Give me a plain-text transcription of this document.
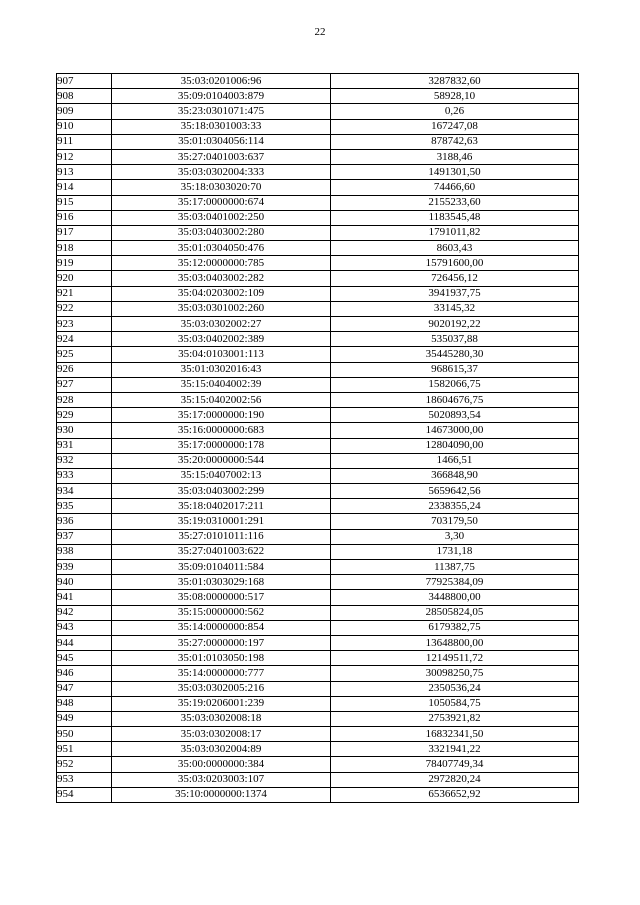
22
907	35:03:0201006:96	3287832,60
908	35:09:0104003:879	58928,10
909	35:23:0301071:475	0,26
910	35:18:0301003:33	167247,08
911	35:01:0304056:114	878742,63
912	35:27:0401003:637	3188,46
913	35:03:0302004:333	1491301,50
914	35:18:0303020:70	74466,60
915	35:17:0000000:674	2155233,60
916	35:03:0401002:250	1183545,48
917	35:03:0403002:280	1791011,82
918	35:01:0304050:476	8603,43
919	35:12:0000000:785	15791600,00
920	35:03:0403002:282	726456,12
921	35:04:0203002:109	3941937,75
922	35:03:0301002:260	33145,32
923	35:03:0302002:27	9020192,22
924	35:03:0402002:389	535037,88
925	35:04:0103001:113	35445280,30
926	35:01:0302016:43	968615,37
927	35:15:0404002:39	1582066,75
928	35:15:0402002:56	18604676,75
929	35:17:0000000:190	5020893,54
930	35:16:0000000:683	14673000,00
931	35:17:0000000:178	12804090,00
932	35:20:0000000:544	1466,51
933	35:15:0407002:13	366848,90
934	35:03:0403002:299	5659642,56
935	35:18:0402017:211	2338355,24
936	35:19:0310001:291	703179,50
937	35:27:0101011:116	3,30
938	35:27:0401003:622	1731,18
939	35:09:0104011:584	11387,75
940	35:01:0303029:168	77925384,09
941	35:08:0000000:517	3448800,00
942	35:15:0000000:562	28505824,05
943	35:14:0000000:854	6179382,75
944	35:27:0000000:197	13648800,00
945	35:01:0103050:198	12149511,72
946	35:14:0000000:777	30098250,75
947	35:03:0302005:216	2350536,24
948	35:19:0206001:239	1050584,75
949	35:03:0302008:18	2753921,82
950	35:03:0302008:17	16832341,50
951	35:03:0302004:89	3321941,22
952	35:00:0000000:384	78407749,34
953	35:03:0203003:107	2972820,24
954	35:10:0000000:1374	6536652,92
